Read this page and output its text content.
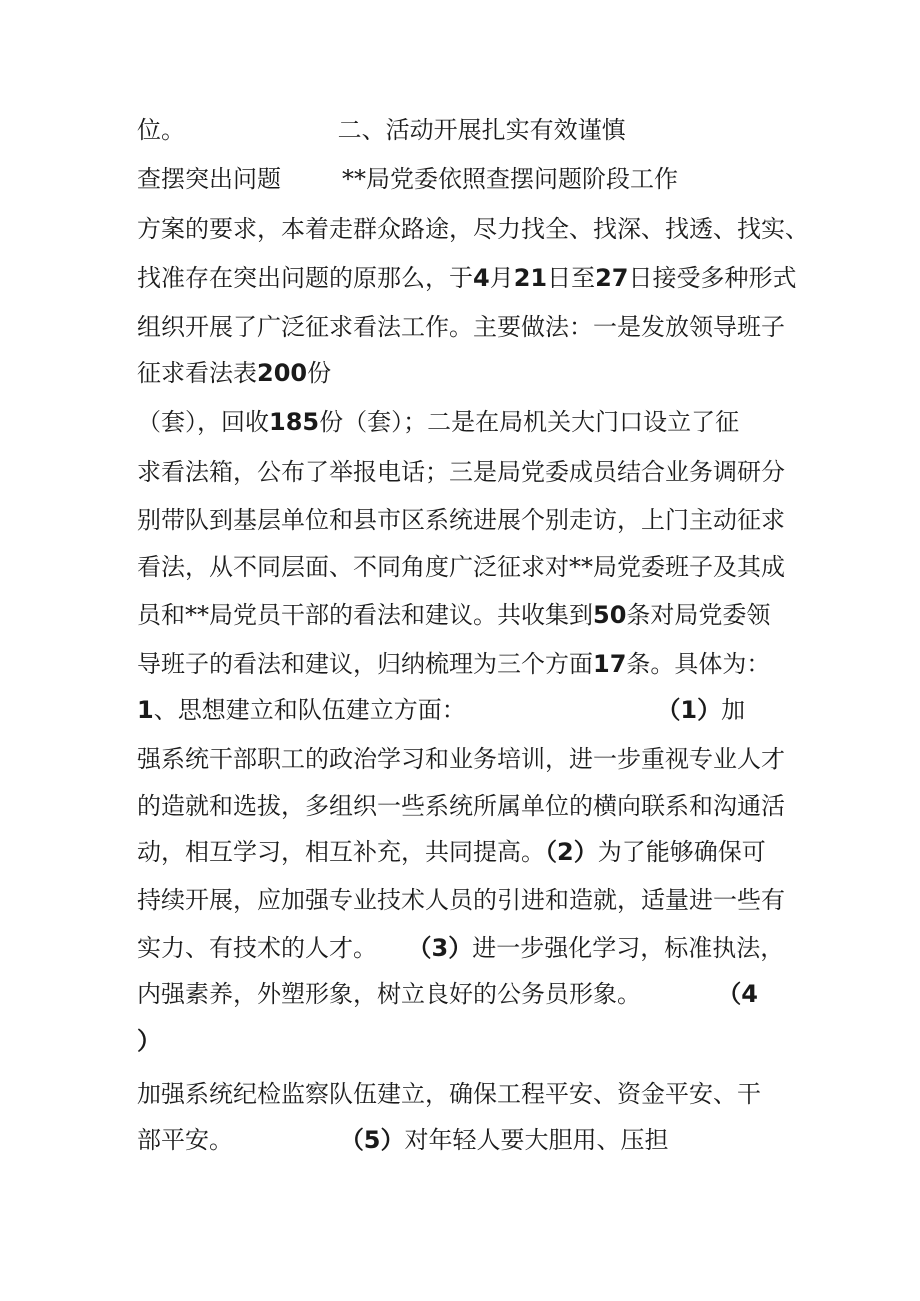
位。	二、活动开展扎实有效谨慎
查摆突出问题	**局党委依照查摆问题阶段工作
方案的要求，本着走群众路途，尽力找全、找深、找透、找实、
找准存在突出问题的原那么，于4月21日至27日接受多种形式
组织开展了广泛征求看法工作。主要做法：一是发放领导班子
征求看法表200份
（套），回收185份（套）；二是在局机关大门口设立了征
求看法箱，公布了举报电话；三是局党委成员结合业务调研分
别带队到基层单位和县市区系统进展个别走访，上门主动征求
看法，从不同层面、不同角度广泛征求对**局党委班子及其成
员和**局党员干部的看法和建议。共收集到50条对局党委领
导班子的看法和建议，归纳梳理为三个方面17条。具体为：
1、思想建立和队伍建立方面：	（1）加
强系统干部职工的政治学习和业务培训，进一步重视专业人才
的造就和选拔，多组织一些系统所属单位的横向联系和沟通活
动，相互学习，相互补充，共同提高。（2）为了能够确保可
持续开展，应加强专业技术人员的引进和造就，适量进一些有
实力、有技术的人才。 （3）进一步强化学习，标准执法，
内强素养，外塑形象，树立良好的公务员形象。	（4
）
加强系统纪检监察队伍建立，确保工程平安、资金平安、干
部平安。	（5）对年轻人要大胆用、压担
